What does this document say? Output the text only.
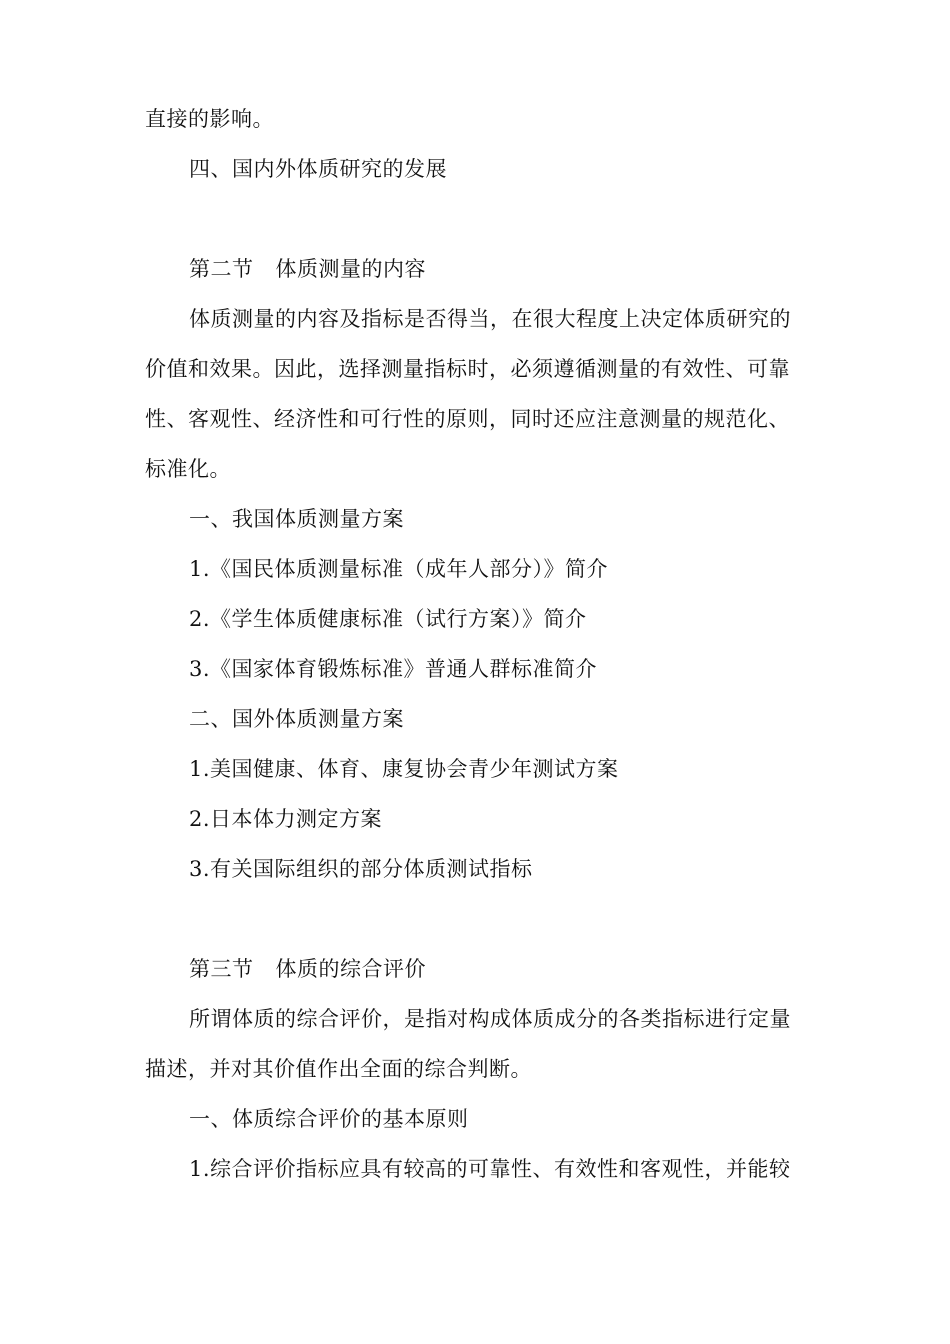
直接的影响。
四、国内外体质研究的发展
第二节 体质测量的内容
体质测量的内容及指标是否得当，在很大程度上决定体质研究的
价值和效果。因此，选择测量指标时，必须遵循测量的有效性、可靠
性、客观性、经济性和可行性的原则，同时还应注意测量的规范化、
标准化。
一、我国体质测量方案
1.《国民体质测量标准（成年人部分）》简介
2.《学生体质健康标准（试行方案）》简介
3.《国家体育锻炼标准》普通人群标准简介
二、国外体质测量方案
1.美国健康、体育、康复协会青少年测试方案
2.日本体力测定方案
3.有关国际组织的部分体质测试指标
第三节 体质的综合评价
所谓体质的综合评价，是指对构成体质成分的各类指标进行定量
描述，并对其价值作出全面的综合判断。
一、体质综合评价的基本原则
1.综合评价指标应具有较高的可靠性、有效性和客观性，并能较
